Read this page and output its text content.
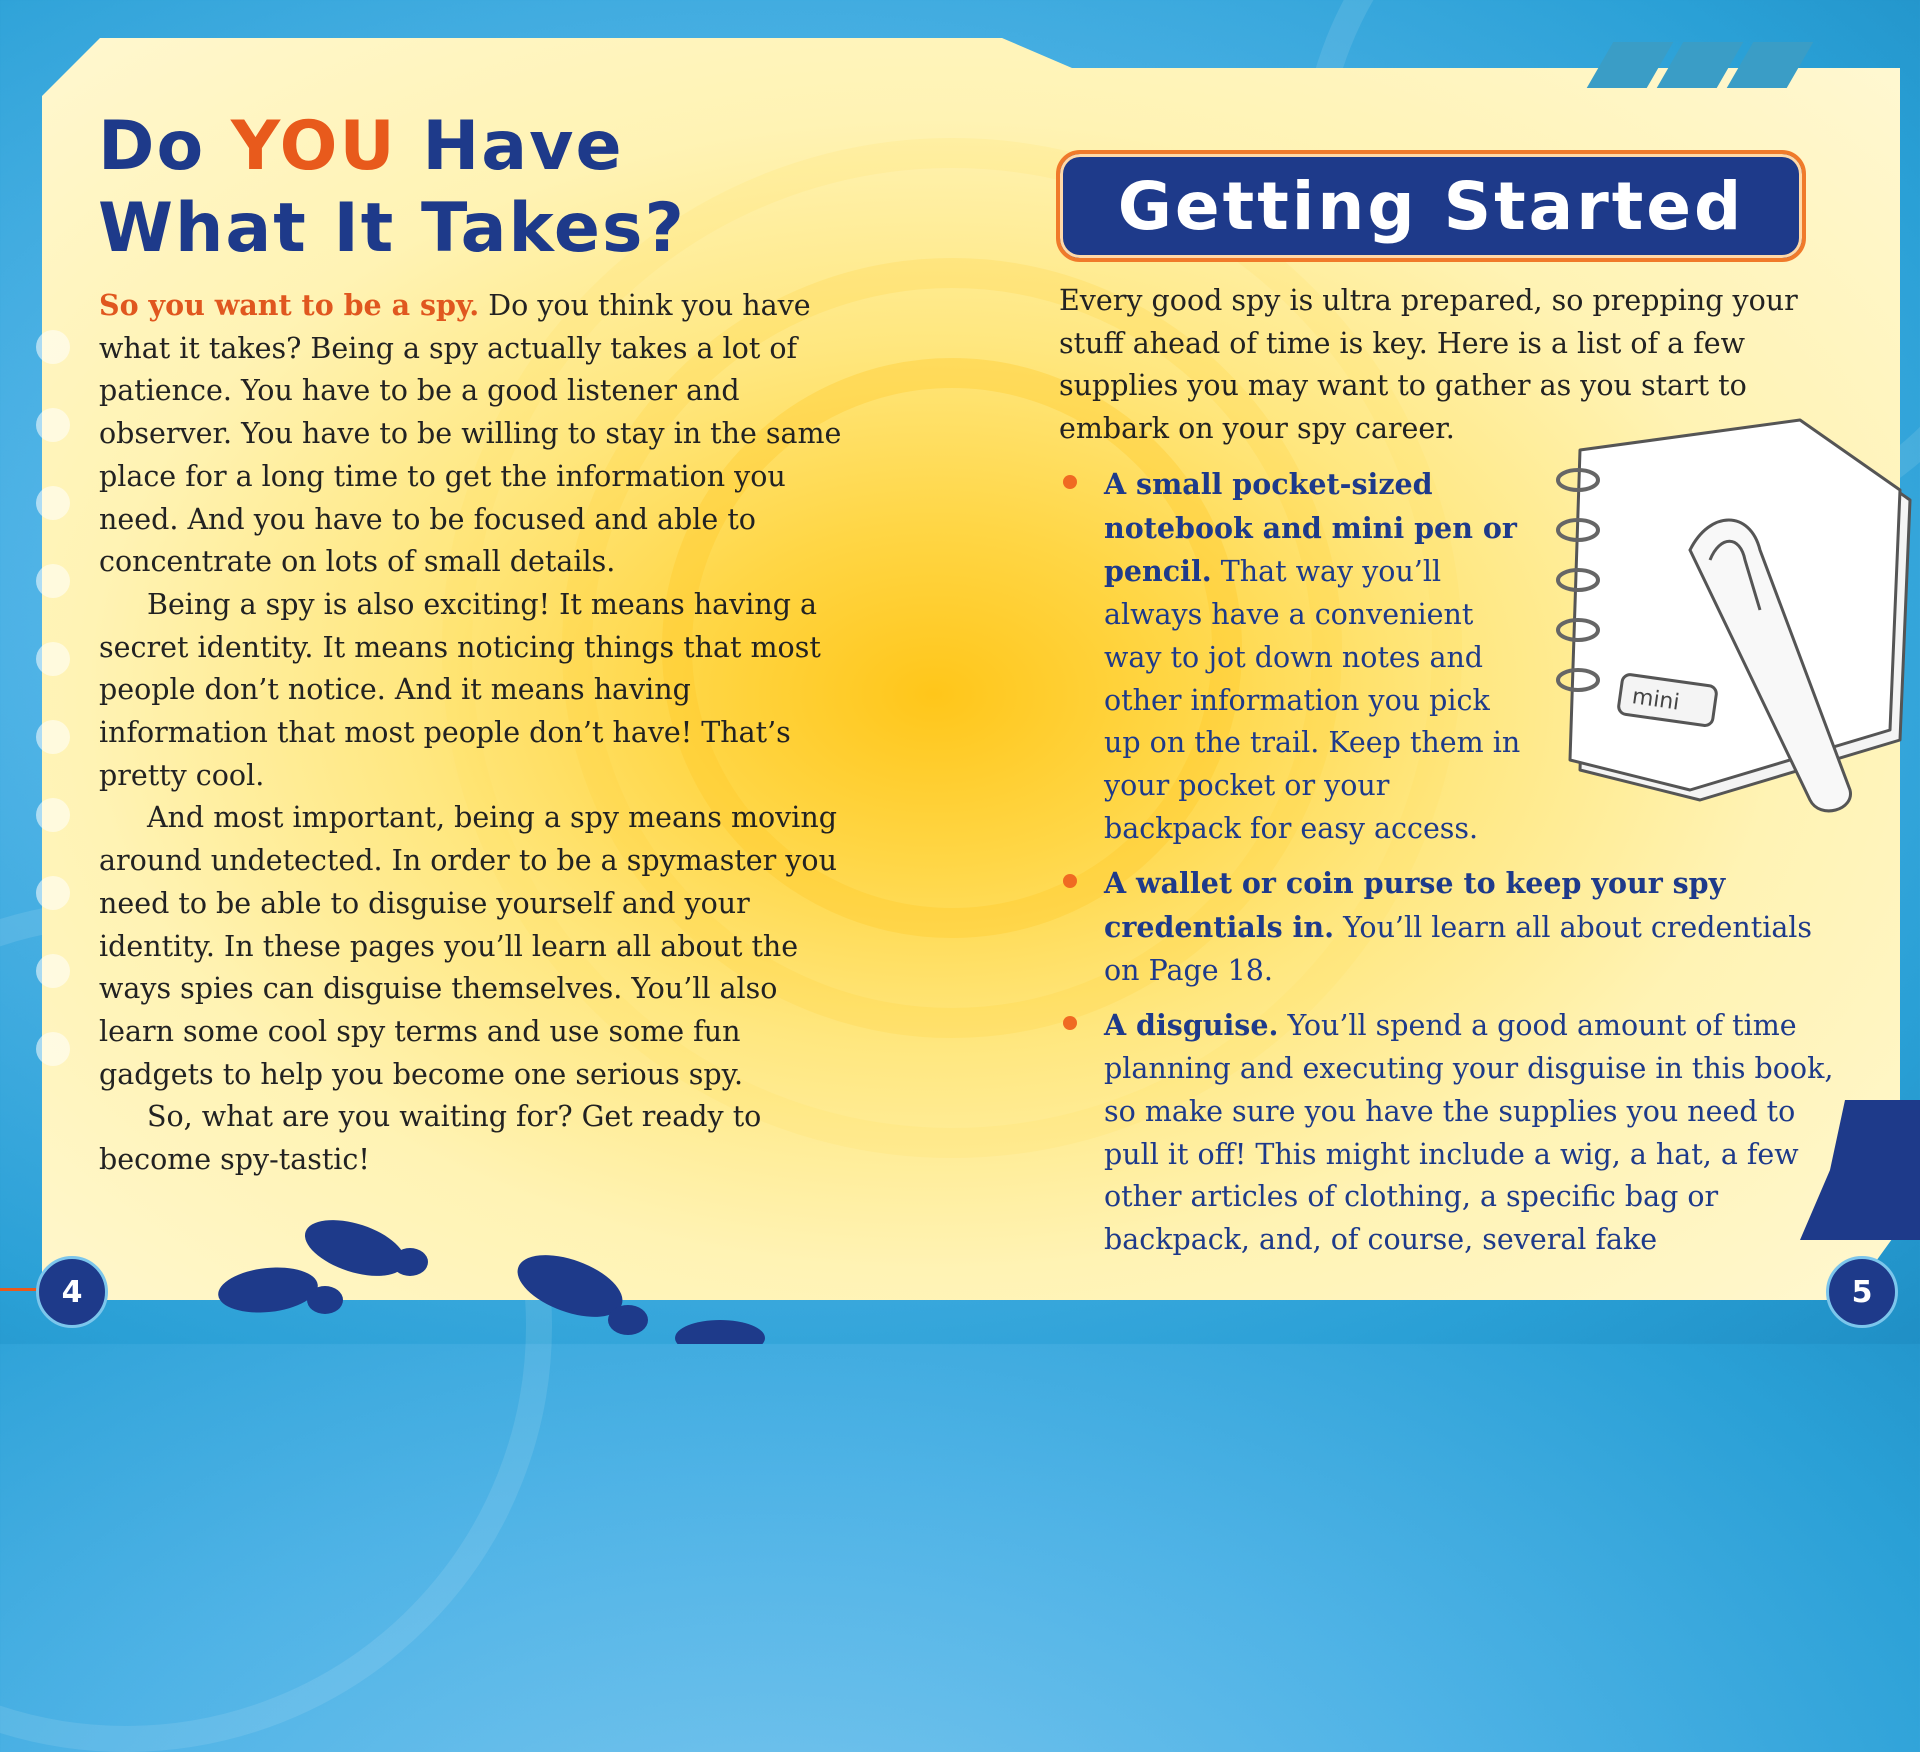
Do YOU Have
What It Takes?

So you want to be a spy. Do you think you have what it takes? Being a spy actually takes a lot of patience. You have to be a good listener and observer. You have to be willing to stay in the same place for a long time to get the information you need. And you have to be focused and able to concentrate on lots of small details.

Being a spy is also exciting! It means having a secret identity. It means noticing things that most people don’t notice. And it means having information that most people don’t have! That’s pretty cool.

And most important, being a spy means moving around undetected. In order to be a spymaster you need to be able to disguise yourself and your identity. In these pages you’ll learn all about the ways spies can disguise themselves. You’ll also learn some cool spy terms and use some fun gadgets to help you become one serious spy.

So, what are you waiting for? Get ready to become spy-tastic!

Getting Started

Every good spy is ultra prepared, so prepping your stuff ahead of time is key. Here is a list of a few supplies you may want to gather as you start to embark on your spy career.

A small pocket-sized notebook and mini pen or pencil. That way you’ll always have a convenient way to jot down notes and other information you pick up on the trail. Keep them in your pocket or your backpack for easy access.
A wallet or coin purse to keep your spy credentials in. You’ll learn all about credentials on Page 18.
A disguise. You’ll spend a good amount of time planning and executing your disguise in this book, so make sure you have the supplies you need to pull it off! This might include a wig, a hat, a few other articles of clothing, a specific bag or backpack, and, of course, several fake
mini
4	5
